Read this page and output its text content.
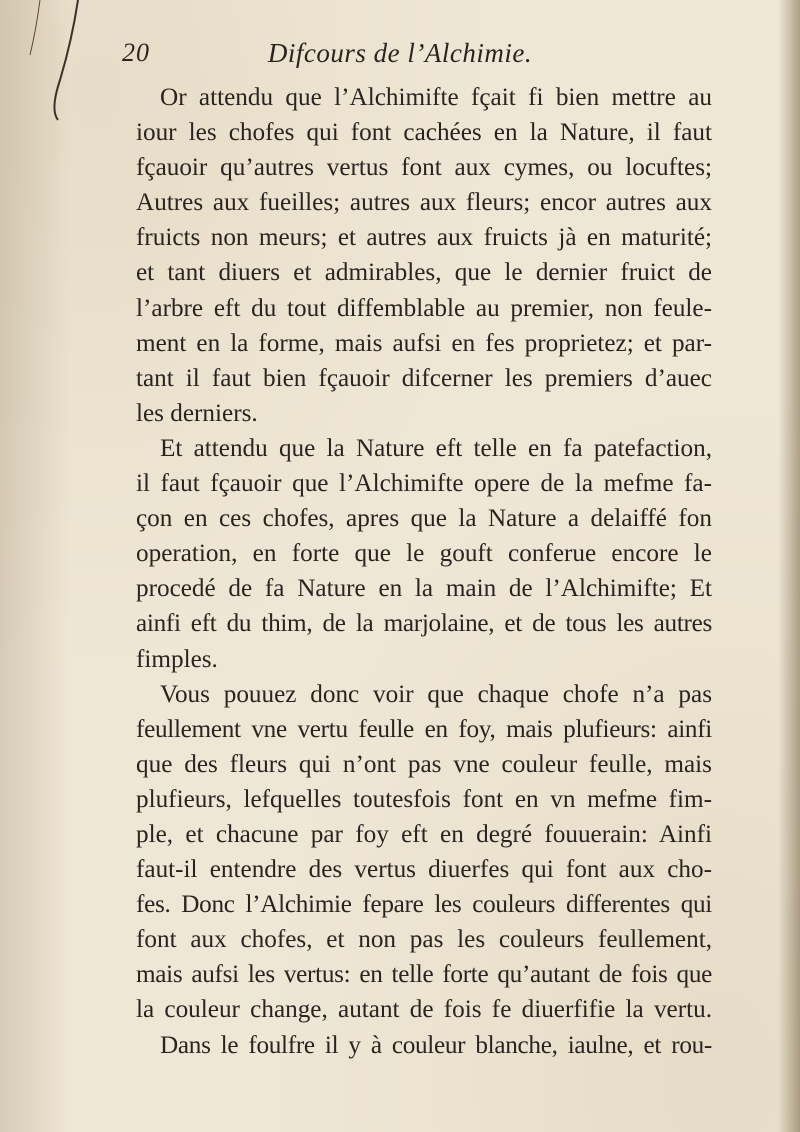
20	Difcours de l’Alchimie.
Or attendu que l’Alchimifte fçait fi bien mettre au
iour les chofes qui font cachées en la Nature, il faut
fçauoir qu’autres vertus font aux cymes, ou locuftes;
Autres aux fueilles; autres aux fleurs; encor autres aux
fruicts non meurs; et autres aux fruicts jà en maturité;
et tant diuers et admirables, que le dernier fruict de
l’arbre eft du tout diffemblable au premier, non feule-
ment en la forme, mais aufsi en fes proprietez; et par-
tant il faut bien fçauoir difcerner les premiers d’auec
les derniers.
Et attendu que la Nature eft telle en fa patefaction,
il faut fçauoir que l’Alchimifte opere de la mefme fa-
çon en ces chofes, apres que la Nature a delaiffé fon
operation, en forte que le gouft conferue encore le
procedé de fa Nature en la main de l’Alchimifte; Et
ainfi eft du thim, de la marjolaine, et de tous les autres
fimples.
Vous pouuez donc voir que chaque chofe n’a pas
feullement vne vertu feulle en foy, mais plufieurs: ainfi
que des fleurs qui n’ont pas vne couleur feulle, mais
plufieurs, lefquelles toutesfois font en vn mefme fim-
ple, et chacune par foy eft en degré fouuerain: Ainfi
faut-il entendre des vertus diuerfes qui font aux cho-
fes. Donc l’Alchimie fepare les couleurs differentes qui
font aux chofes, et non pas les couleurs feullement,
mais aufsi les vertus: en telle forte qu’autant de fois que
la couleur change, autant de fois fe diuerfifie la vertu.
Dans le foulfre il y à couleur blanche, iaulne, et rou-
